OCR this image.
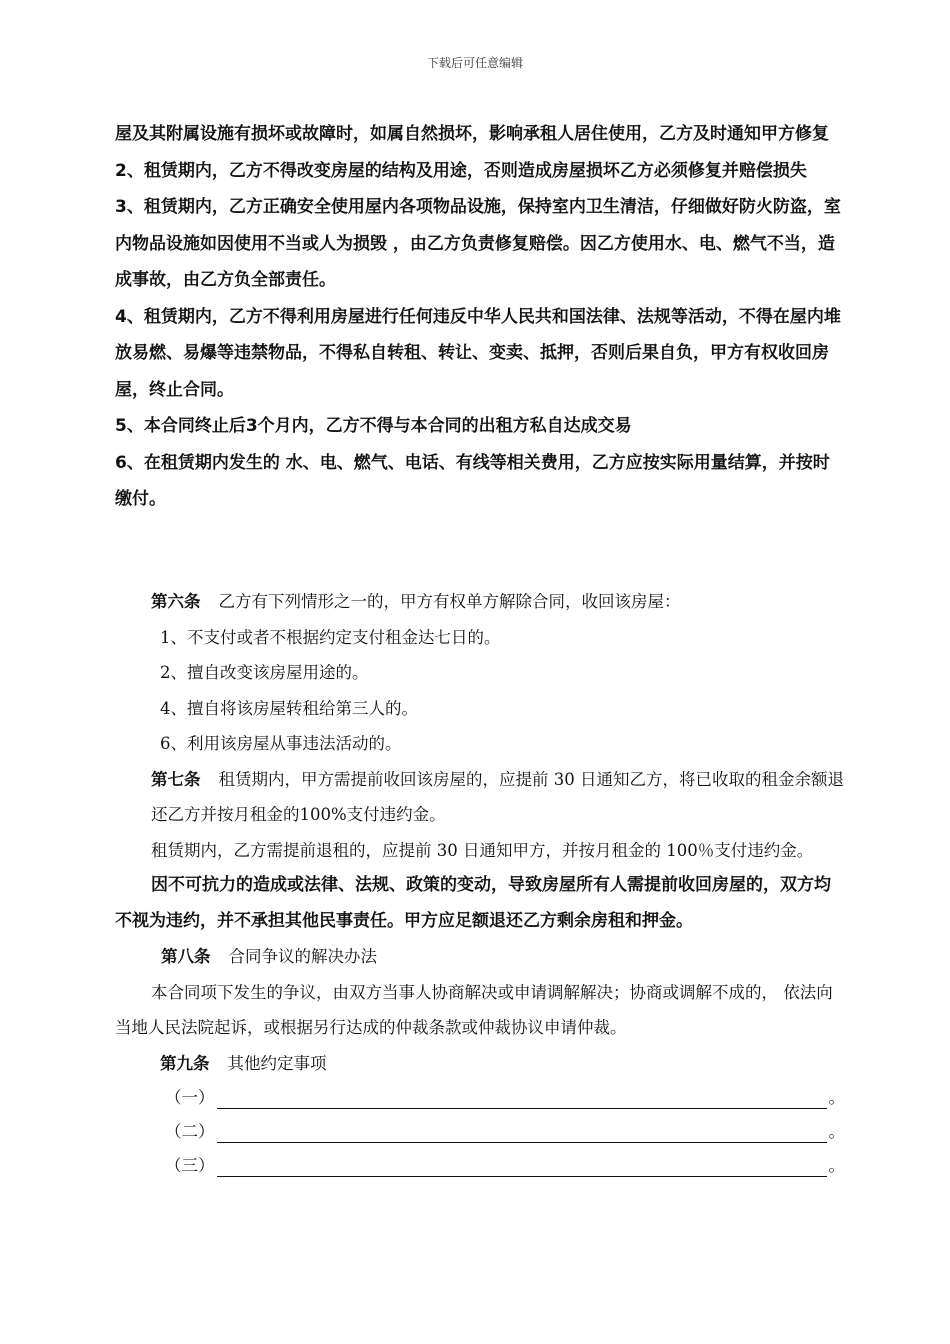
下载后可任意编辑

屋及其附属设施有损坏或故障时，如属自然损坏，影响承租人居住使用，乙方及时通知甲方修复

2、租赁期内，乙方不得改变房屋的结构及用途，否则造成房屋损坏乙方必须修复并赔偿损失

3、租赁期内，乙方正确安全使用屋内各项物品设施，保持室内卫生清洁，仔细做好防火防盗，室内物品设施如因使用不当或人为损毁 ，由乙方负责修复赔偿。因乙方使用水、电、燃气不当，造成事故，由乙方负全部责任。

4、租赁期内，乙方不得利用房屋进行任何违反中华人民共和国法律、法规等活动，不得在屋内堆放易燃、易爆等违禁物品，不得私自转租、转让、变卖、抵押，否则后果自负，甲方有权收回房屋，终止合同。

5、本合同终止后3个月内，乙方不得与本合同的出租方私自达成交易

6、在租赁期内发生的 水、电、燃气、电话、有线等相关费用，乙方应按实际用量结算，并按时缴付。

第六条 乙方有下列情形之一的，甲方有权单方解除合同，收回该房屋：

1、不支付或者不根据约定支付租金达七日的。

2、擅自改变该房屋用途的。

4、擅自将该房屋转租给第三人的。

6、利用该房屋从事违法活动的。

第七条 租赁期内，甲方需提前收回该房屋的，应提前 30 日通知乙方，将已收取的租金余额退还乙方并按月租金的100%支付违约金。

租赁期内，乙方需提前退租的，应提前 30 日通知甲方，并按月租金的 100％支付违约金。

因不可抗力的造成或法律、法规、政策的变动，导致房屋所有人需提前收回房屋的，双方均不视为违约，并不承担其他民事责任。甲方应足额退还乙方剩余房租和押金。

第八条 合同争议的解决办法

本合同项下发生的争议，由双方当事人协商解决或申请调解解决；协商或调解不成的， 依法向当地人民法院起诉，或根据另行达成的仲裁条款或仲裁协议申请仲裁。

第九条 其他约定事项

（一）	。
（二）	。
（三）	。
